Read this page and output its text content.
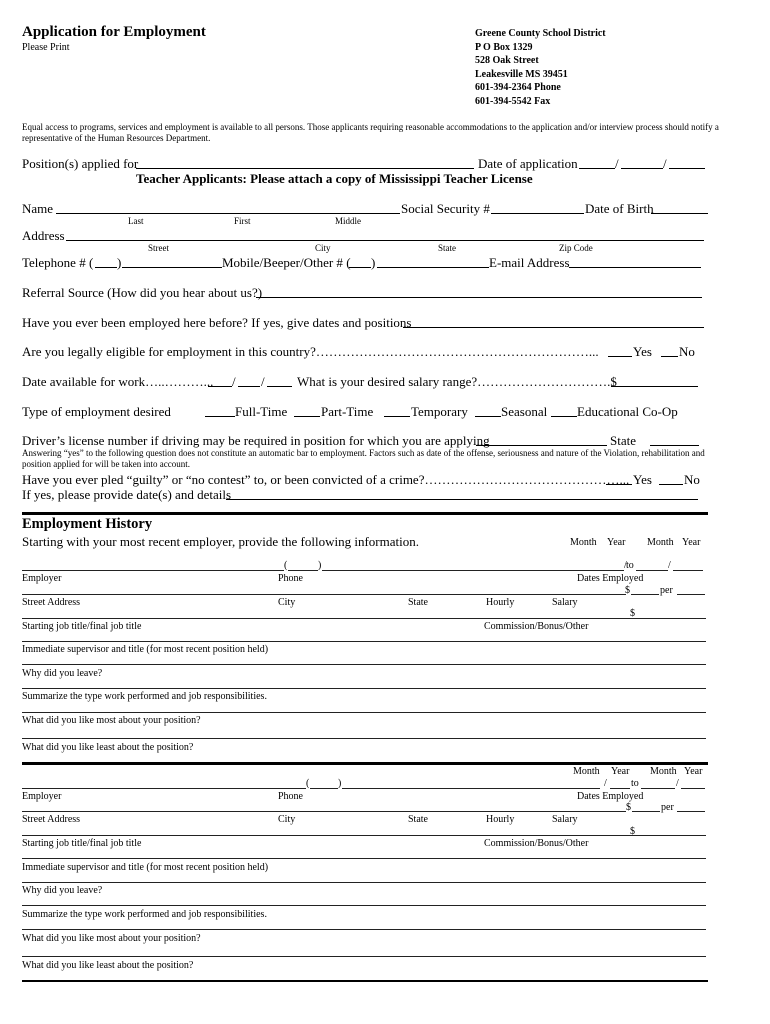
Application for Employment
Please Print
Greene County School District
P O Box 1329
528 Oak Street
Leakesville MS 39451
601-394-2364 Phone
601-394-5542 Fax
Equal access to programs, services and employment is available to all persons. Those applicants requiring reasonable accommodations to the application and/or interview process should notify a representative of the Human Resources Department.
Position(s) applied for	Date of application	/	/
Teacher Applicants: Please attach a copy of Mississippi Teacher License
Name	Social Security #	Date of Birth
Last	First	Middle
Address
Street	City	State	Zip Code
Telephone # ( )	Mobile/Beeper/Other # ( )	E-mail Address
Referral Source (How did you hear about us?)
Have you ever been employed here before? If yes, give dates and positions
Are you legally eligible for employment in this country?………………………………………………………...	Yes No
Date available for work…..………... / / What is your desired salary range?………………………….$
Type of employment desired	Full-Time	Part-Time	Temporary	Seasonal Educational Co-Op
Driver’s license number if driving may be required in position for which you are applying	State
Answering “yes” to the following question does not constitute an automatic bar to employment. Factors such as date of the offense, seriousness and nature of the Violation, rehabilitation and position applied for will be taken into account.
Have you ever pled “guilty” or “no contest” to, or been convicted of a crime?………………………………………... Yes No
If yes, please provide date(s) and details
Employment History
Starting with your most recent employer, provide the following information.	Month Year Month Year
(	)	/ to	/
Employer	Phone	Dates Employed
$	per
Street Address	City	State	Hourly	Salary
$
Starting job title/final job title	Commission/Bonus/Other
Immediate supervisor and title (for most recent position held)
Why did you leave?
Summarize the type work performed and job responsibilities.
What did you like most about your position?
What did you like least about the position?
Month Year Month Year
(	)	/ to	/
Employer	Phone	Dates Employed
$	per
Street Address	City	State	Hourly	Salary
$
Starting job title/final job title	Commission/Bonus/Other
Immediate supervisor and title (for most recent position held)
Why did you leave?
Summarize the type work performed and job responsibilities.
What did you like most about your position?
What did you like least about the position?
